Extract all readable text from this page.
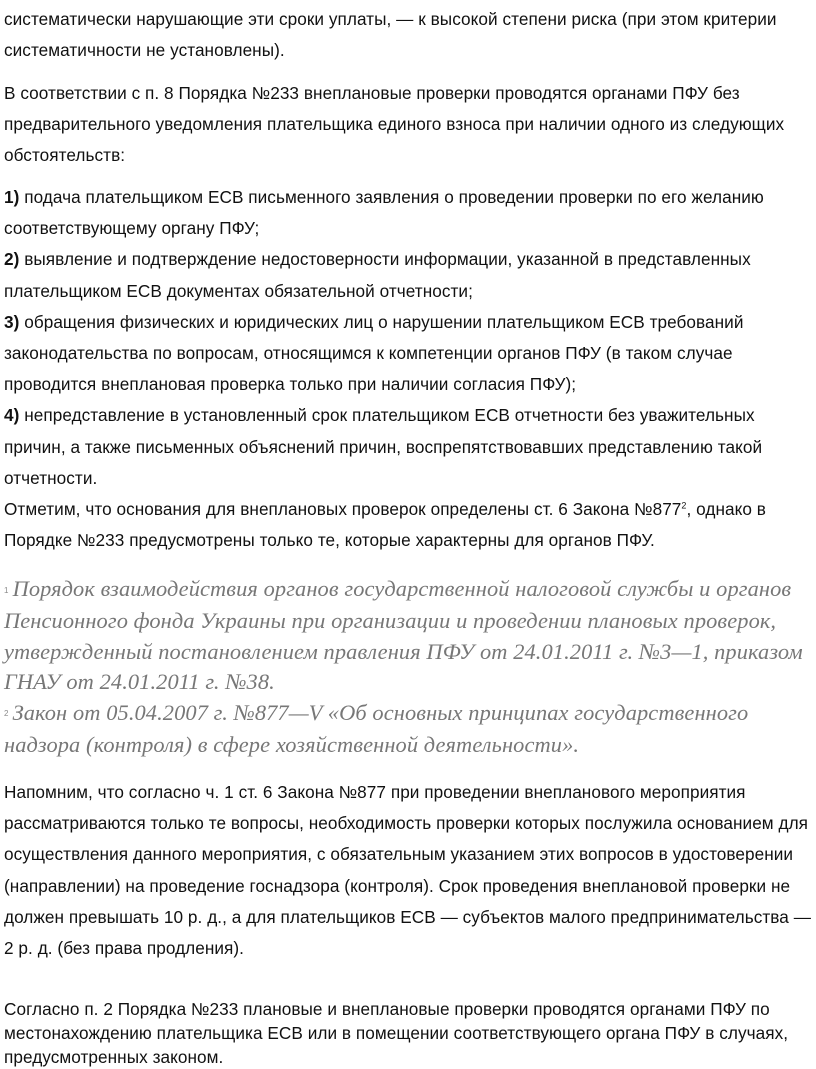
систематически нарушающие эти сроки уплаты, — к высокой степени риска (при этом критерии систематичности не установлены).

В соответствии с п. 8 Порядка №233 внеплановые проверки проводятся органами ПФУ без предварительного уведомления плательщика единого взноса при наличии одного из следующих обстоятельств:

1) подача плательщиком ЕСВ письменного заявления о проведении проверки по его желанию соответствующему органу ПФУ;

2) выявление и подтверждение недостоверности информации, указанной в представленных плательщиком ЕСВ документах обязательной отчетности;

3) обращения физических и юридических лиц о нарушении плательщиком ЕСВ требований законодательства по вопросам, относящимся к компетенции органов ПФУ (в таком случае проводится внеплановая проверка только при наличии согласия ПФУ);

4) непредставление в установленный срок плательщиком ЕСВ отчетности без уважительных причин, а также письменных объяснений причин, воспрепятствовавших представлению такой отчетности.

Отметим, что основания для внеплановых проверок определены ст. 6 Закона $№877^2$, однако в Порядке №233 предусмотрены только те, которые характерны для органов ПФУ.

1 Порядок взаимодействия органов государственной налоговой службы и органов Пенсионного фонда Украины при организации и проведении плановых проверок, утвержденный постановлением правления ПФУ от 24.01.2011 г. №3—1, приказом ГНАУ от 24.01.2011 г. №38.

2 Закон от 05.04.2007 г. №877—V «Об основных принципах государственного надзора (контроля) в сфере хозяйственной деятельности».

Напомним, что согласно ч. 1 ст. 6 Закона №877 при проведении внепланового мероприятия рассматриваются только те вопросы, необходимость проверки которых послужила основанием для осуществления данного мероприятия, с обязательным указанием этих вопросов в удостоверении (направлении) на проведение госнадзора (контроля). Срок проведения внеплановой проверки не должен превышать 10 р. д., а для плательщиков ЕСВ — субъектов малого предпринимательства — 2 р. д. (без права продления).

Согласно п. 2 Порядка №233 плановые и внеплановые проверки проводятся органами ПФУ по местонахождению плательщика ЕСВ или в помещении соответствующего органа ПФУ в случаях, предусмотренных законом.
